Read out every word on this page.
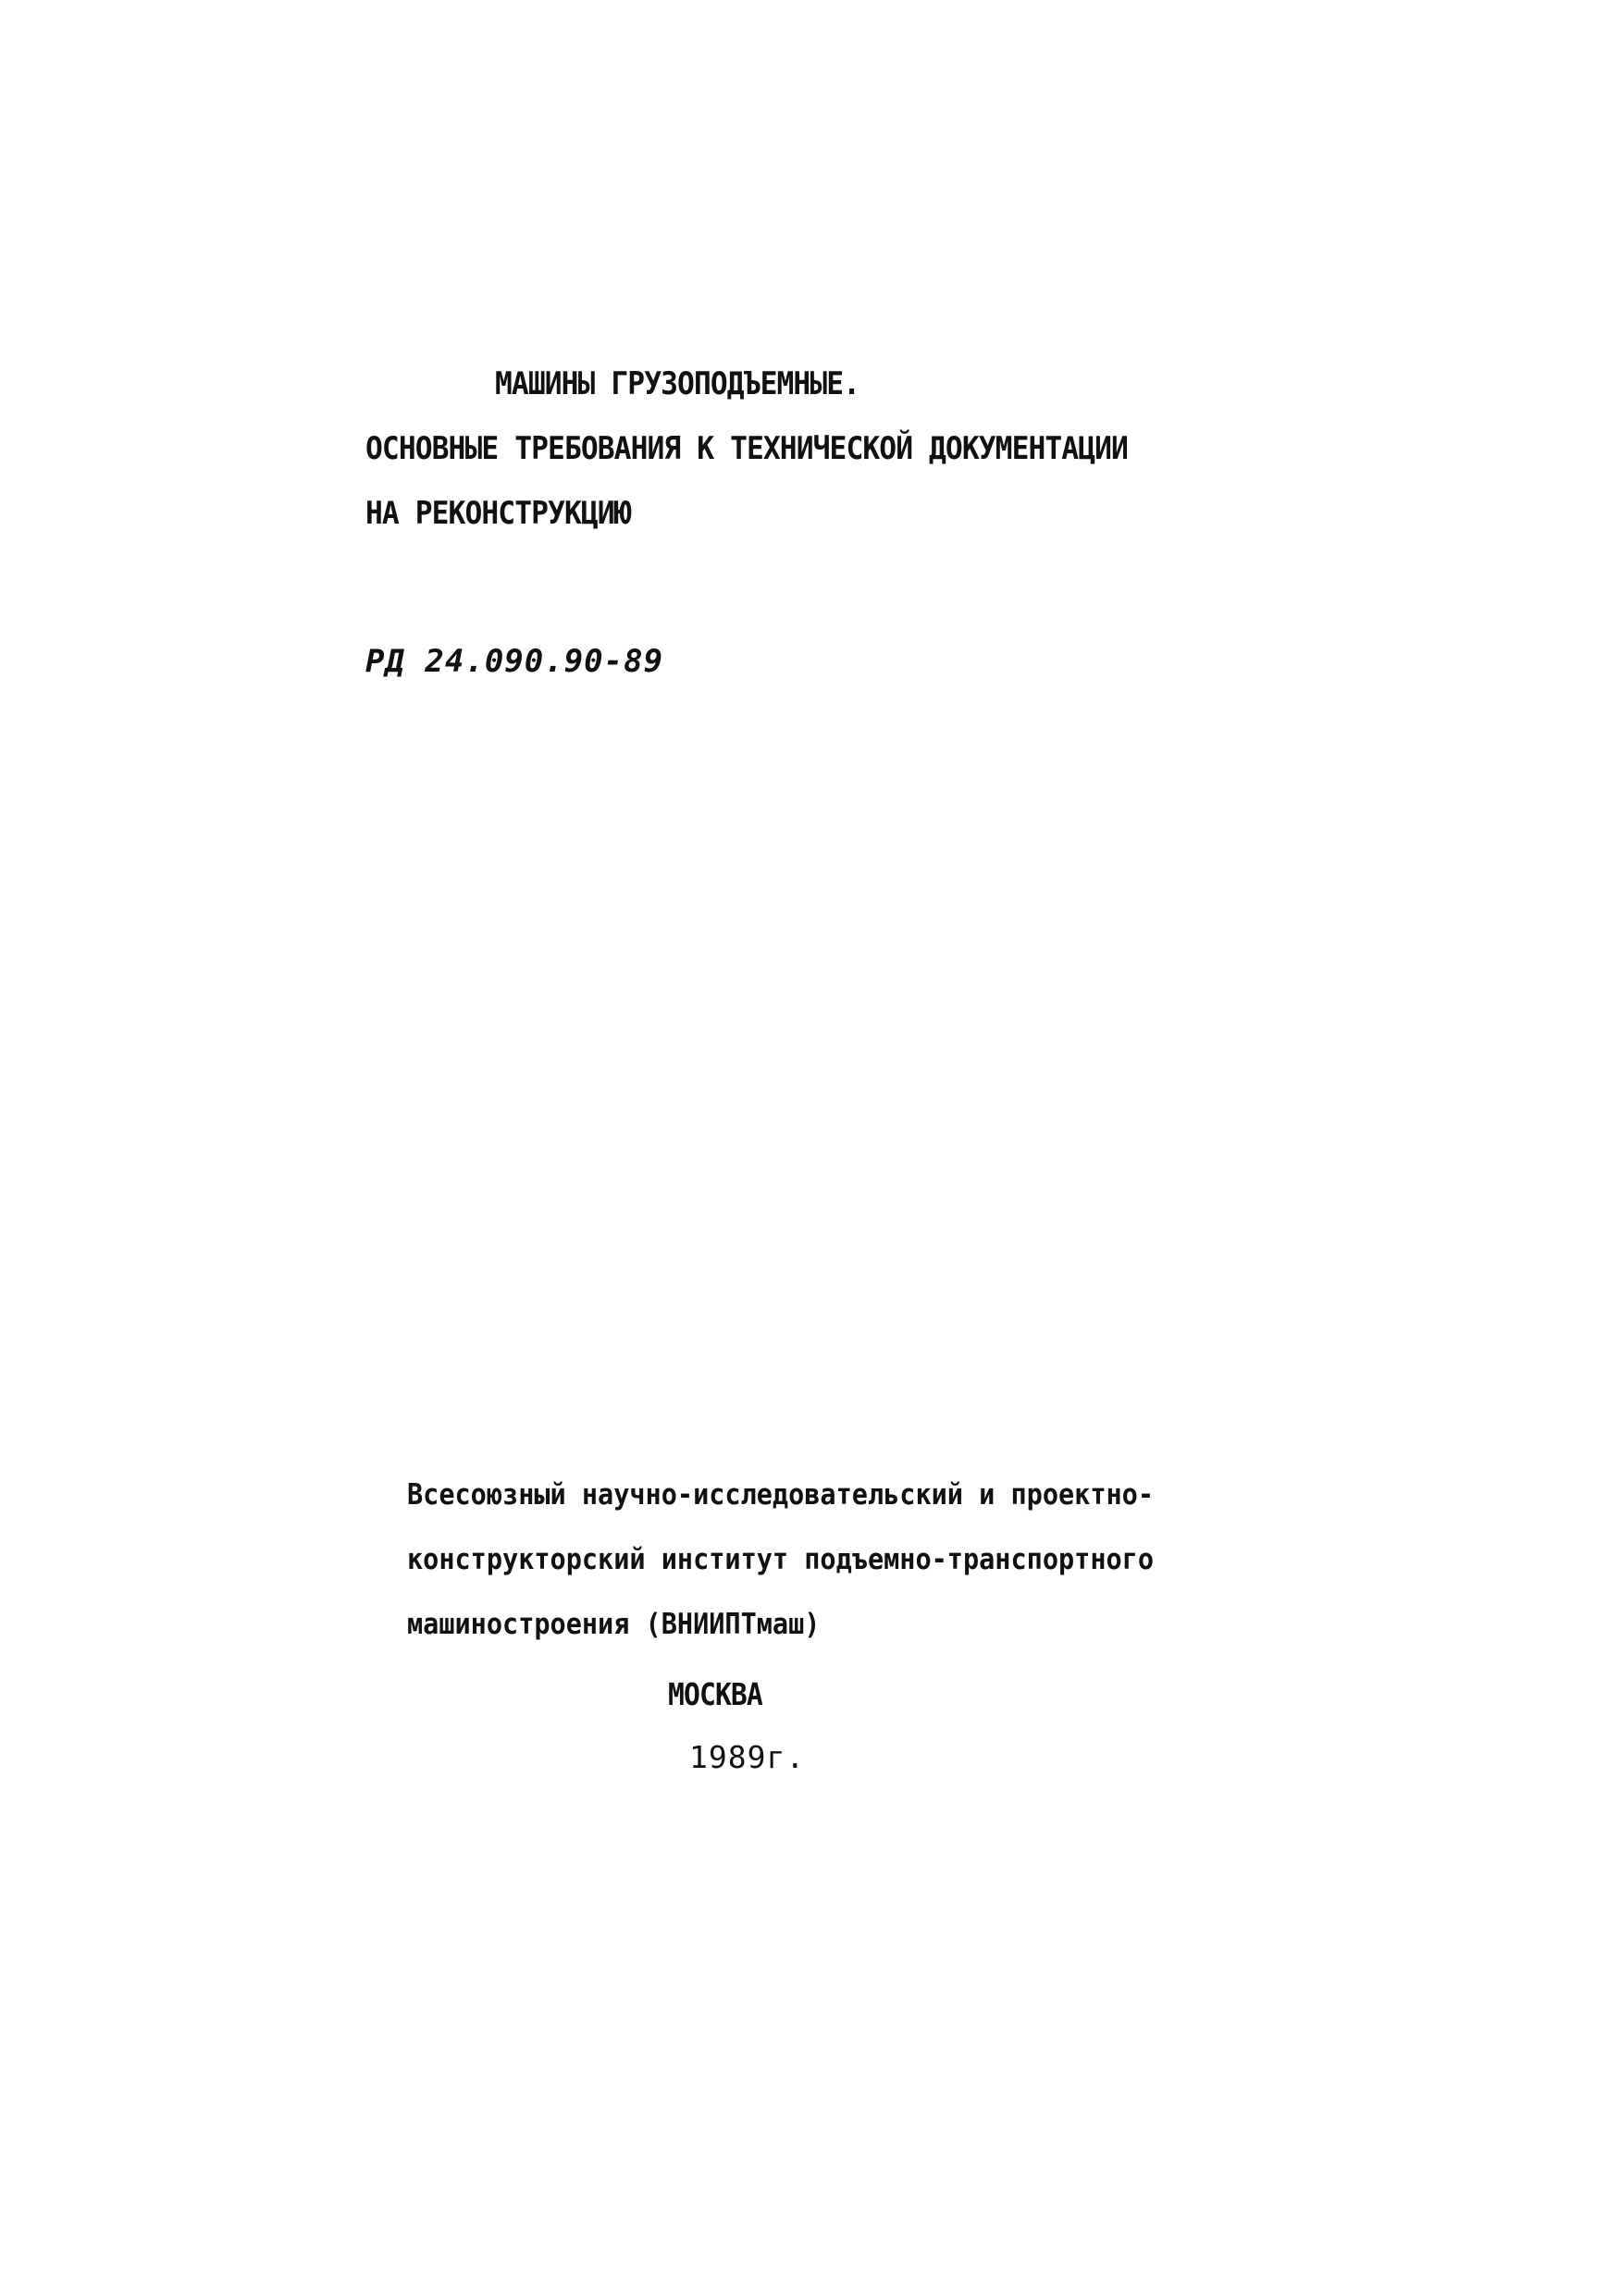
МАШИНЫ ГРУЗОПОДЪЕМНЫЕ.
ОСНОВНЫЕ ТРЕБОВАНИЯ К ТЕХНИЧЕСКОЙ ДОКУМЕНТАЦИИ
НА РЕКОНСТРУКЦИЮ
РД 24.090.90-89
Всесоюзный научно-исследовательский и проектно-
конструкторский институт подъемно-транспортного
машиностроения (ВНИИПТмаш)
МОСКВА
1989г.
